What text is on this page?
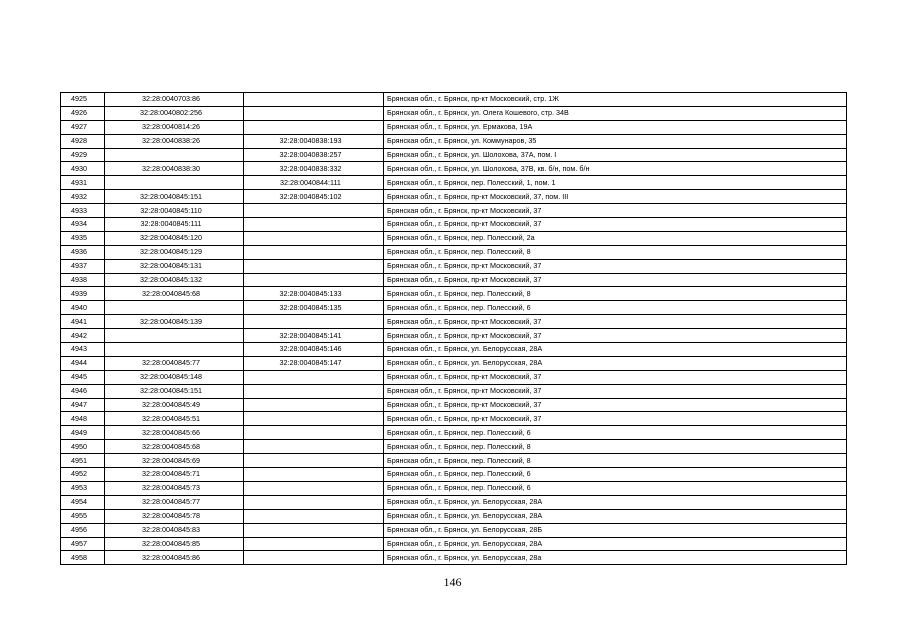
4925	32:28:0040703:86		Брянская обл., г. Брянск, пр-кт Московский, стр. 1Ж
4926	32:28:0040802:256		Брянская обл., г. Брянск, ул. Олега Кошевого, стр. 34В
4927	32:28:0040814:26		Брянская обл., г. Брянск, ул. Ермакова, 19А
4928	32:28:0040838:26	32:28:0040838:193	Брянская обл., г. Брянск, ул. Коммунаров, 35
4929		32:28:0040838:257	Брянская обл., г. Брянск, ул. Шолохова, 37А, пом. I
4930	32:28:0040838:30	32:28:0040838:332	Брянская обл., г. Брянск, ул. Шолохова, 37В, кв. б/н, пом. б/н
4931		32:28:0040844:111	Брянская обл., г. Брянск, пер. Полесский, 1, пом. 1
4932	32:28:0040845:151	32:28:0040845:102	Брянская обл., г. Брянск, пр-кт Московский, 37, пом. III
4933	32:28:0040845:110		Брянская обл., г. Брянск, пр-кт Московский, 37
4934	32:28:0040845:111		Брянская обл., г. Брянск, пр-кт Московский, 37
4935	32:28:0040845:120		Брянская обл., г. Брянск, пер. Полесский, 2а
4936	32:28:0040845:129		Брянская обл., г. Брянск, пер. Полесский, 8
4937	32:28:0040845:131		Брянская обл., г. Брянск, пр-кт Московский, 37
4938	32:28:0040845:132		Брянская обл., г. Брянск, пр-кт Московский, 37
4939	32:28:0040845:68	32:28:0040845:133	Брянская обл., г. Брянск, пер. Полесский, 8
4940		32:28:0040845:135	Брянская обл., г. Брянск, пер. Полесский, 6
4941	32:28:0040845:139		Брянская обл., г. Брянск, пр-кт Московский, 37
4942		32:28:0040845:141	Брянская обл., г. Брянск, пр-кт Московский, 37
4943		32:28:0040845:146	Брянская обл., г. Брянск, ул. Белорусская, 28А
4944	32:28:0040845:77	32:28:0040845:147	Брянская обл., г. Брянск, ул. Белорусская, 28А
4945	32:28:0040845:148		Брянская обл., г. Брянск, пр-кт Московский, 37
4946	32:28:0040845:151		Брянская обл., г. Брянск, пр-кт Московский, 37
4947	32:28:0040845:49		Брянская обл., г. Брянск, пр-кт Московский, 37
4948	32:28:0040845:51		Брянская обл., г. Брянск, пр-кт Московский, 37
4949	32:28:0040845:66		Брянская обл., г. Брянск, пер. Полесский, 6
4950	32:28:0040845:68		Брянская обл., г. Брянск, пер. Полесский, 8
4951	32:28:0040845:69		Брянская обл., г. Брянск, пер. Полесский, 8
4952	32:28:0040845:71		Брянская обл., г. Брянск, пер. Полесский, 6
4953	32:28:0040845:73		Брянская обл., г. Брянск, пер. Полесский, 6
4954	32:28:0040845:77		Брянская обл., г. Брянск, ул. Белорусская, 28А
4955	32:28:0040845:78		Брянская обл., г. Брянск, ул. Белорусская, 28А
4956	32:28:0040845:83		Брянская обл., г. Брянск, ул. Белорусская, 28Б
4957	32:28:0040845:85		Брянская обл., г. Брянск, ул. Белорусская, 28А
4958	32:28:0040845:86		Брянская обл., г. Брянск, ул. Белорусская, 28а
146
